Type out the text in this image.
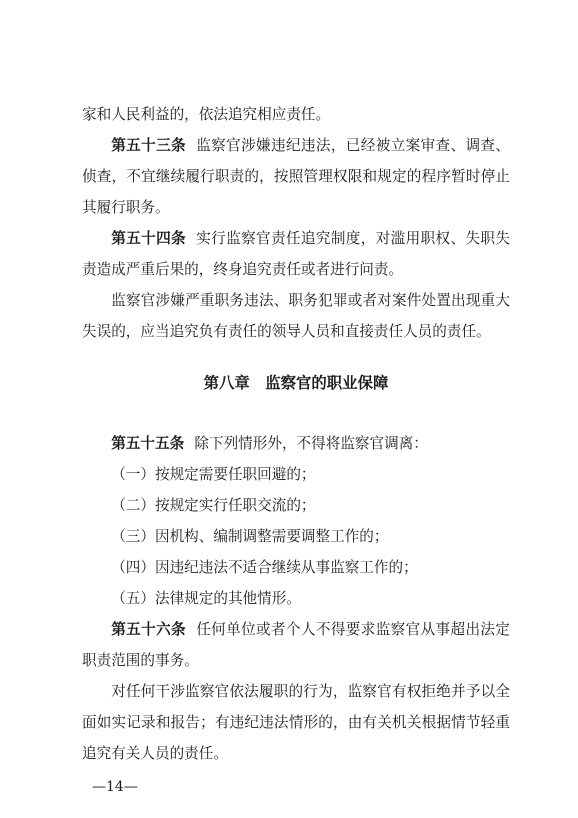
家和人民利益的，依法追究相应责任。

第五十三条 监察官涉嫌违纪违法，已经被立案审查、调查、侦查，不宜继续履行职责的，按照管理权限和规定的程序暂时停止其履行职务。

第五十四条 实行监察官责任追究制度，对滥用职权、失职失责造成严重后果的，终身追究责任或者进行问责。

监察官涉嫌严重职务违法、职务犯罪或者对案件处置出现重大失误的，应当追究负有责任的领导人员和直接责任人员的责任。

第八章　监察官的职业保障

第五十五条 除下列情形外，不得将监察官调离：

（一）按规定需要任职回避的；

（二）按规定实行任职交流的；

（三）因机构、编制调整需要调整工作的；

（四）因违纪违法不适合继续从事监察工作的；

（五）法律规定的其他情形。

第五十六条 任何单位或者个人不得要求监察官从事超出法定职责范围的事务。

对任何干涉监察官依法履职的行为，监察官有权拒绝并予以全面如实记录和报告；有违纪违法情形的，由有关机关根据情节轻重追究有关人员的责任。

—14—
